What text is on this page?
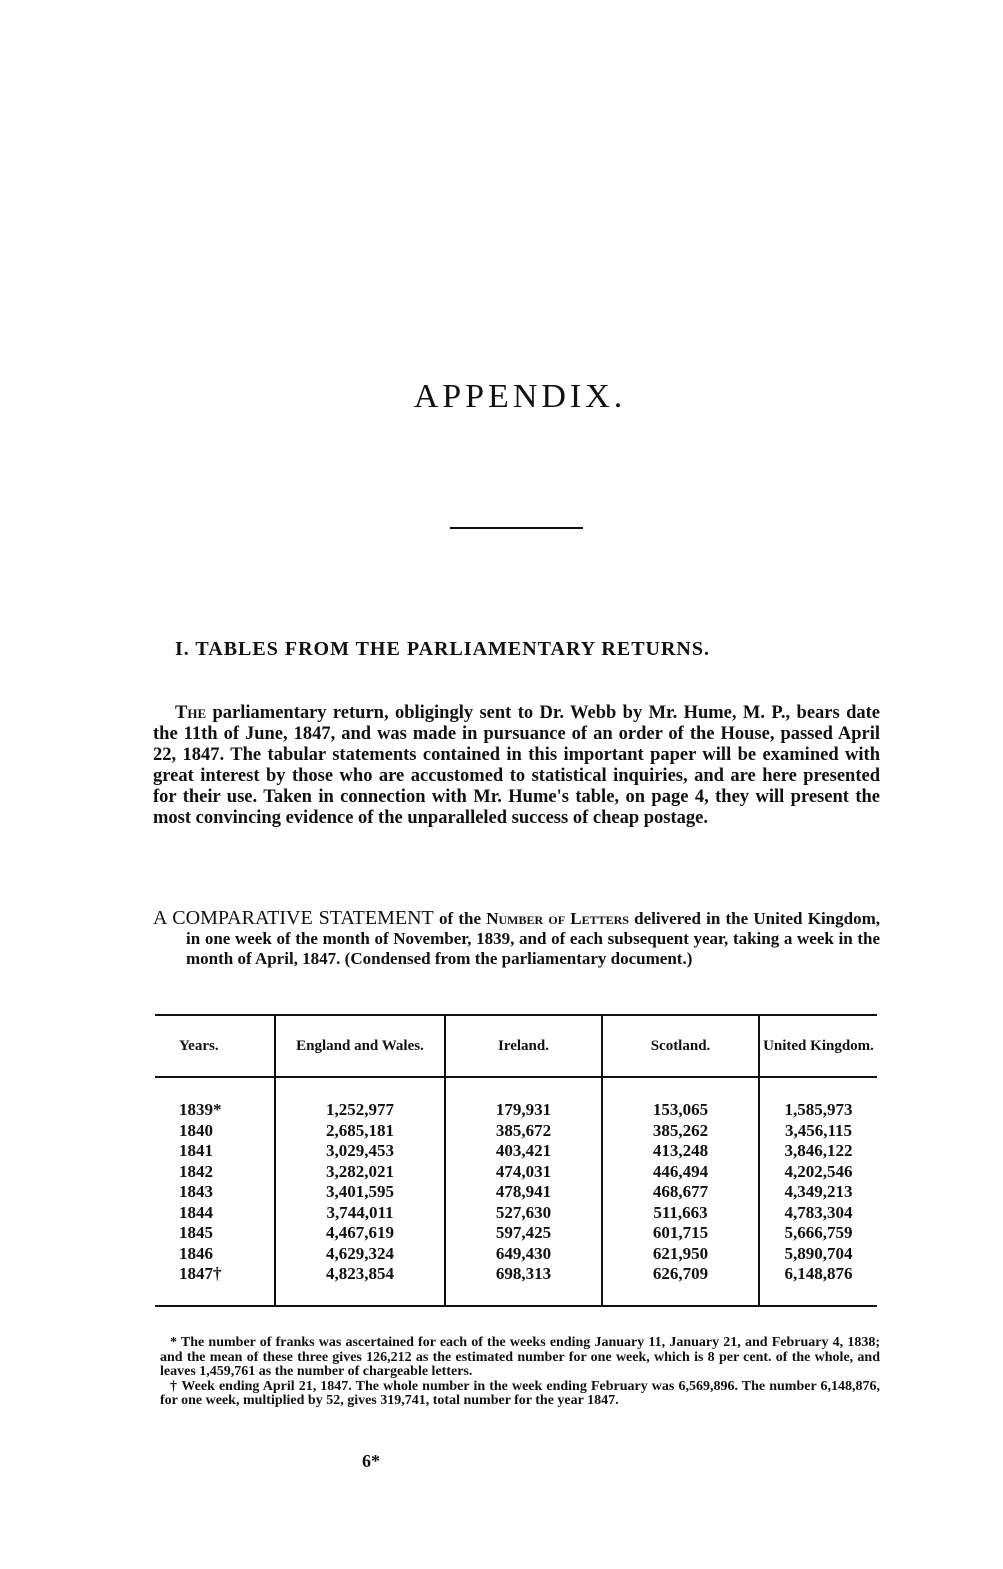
APPENDIX.
I. TABLES FROM THE PARLIAMENTARY RETURNS.
The parliamentary return, obligingly sent to Dr. Webb by Mr. Hume, M. P., bears date the 11th of June, 1847, and was made in pursuance of an order of the House, passed April 22, 1847. The tabular statements contained in this important paper will be examined with great interest by those who are accustomed to statistical inquiries, and are here presented for their use. Taken in connection with Mr. Hume's table, on page 4, they will present the most convincing evidence of the unparalleled success of cheap postage.
A COMPARATIVE STATEMENT of the Number of Letters delivered in the United Kingdom, in one week of the month of November, 1839, and of each subsequent year, taking a week in the month of April, 1847. (Condensed from the parliamentary document.)
Years.	England and Wales.	Ireland.	Scotland.	United Kingdom.
1839*	1,252,977	179,931	153,065	1,585,973
1840	2,685,181	385,672	385,262	3,456,115
1841	3,029,453	403,421	413,248	3,846,122
1842	3,282,021	474,031	446,494	4,202,546
1843	3,401,595	478,941	468,677	4,349,213
1844	3,744,011	527,630	511,663	4,783,304
1845	4,467,619	597,425	601,715	5,666,759
1846	4,629,324	649,430	621,950	5,890,704
1847†	4,823,854	698,313	626,709	6,148,876

* The number of franks was ascertained for each of the weeks ending January 11, January 21, and February 4, 1838; and the mean of these three gives 126,212 as the estimated number for one week, which is 8 per cent. of the whole, and leaves 1,459,761 as the number of chargeable letters.

† Week ending April 21, 1847. The whole number in the week ending February was 6,569,896. The number 6,148,876, for one week, multiplied by 52, gives 319,741, total number for the year 1847.

6*
